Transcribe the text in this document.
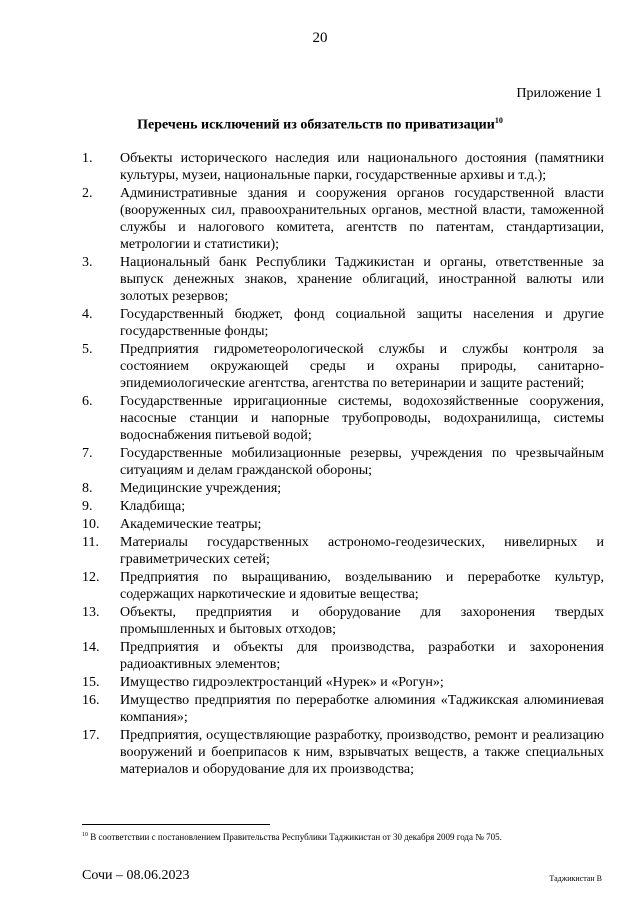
20
Приложение 1
Перечень исключений из обязательств по приватизации$^{10}$
1. Объекты исторического наследия или национального достояния (памятники культуры, музеи, национальные парки, государственные архивы и т.д.);
2. Административные здания и сооружения органов государственной власти (вооруженных сил, правоохранительных органов, местной власти, таможенной службы и налогового комитета, агентств по патентам, стандартизации, метрологии и статистики);
3. Национальный банк Республики Таджикистан и органы, ответственные за выпуск денежных знаков, хранение облигаций, иностранной валюты или золотых резервов;
4. Государственный бюджет, фонд социальной защиты населения и другие государственные фонды;
5. Предприятия гидрометеорологической службы и службы контроля за состоянием окружающей среды и охраны природы, санитарно-эпидемиологические агентства, агентства по ветеринарии и защите растений;
6. Государственные ирригационные системы, водохозяйственные сооружения, насосные станции и напорные трубопроводы, водохранилища, системы водоснабжения питьевой водой;
7. Государственные мобилизационные резервы, учреждения по чрезвычайным ситуациям и делам гражданской обороны;
8. Медицинские учреждения;
9. Кладбища;
10. Академические театры;
11. Материалы государственных астрономо-геодезических, нивелирных и гравиметрических сетей;
12. Предприятия по выращиванию, возделыванию и переработке культур, содержащих наркотические и ядовитые вещества;
13. Объекты, предприятия и оборудование для захоронения твердых промышленных и бытовых отходов;
14. Предприятия и объекты для производства, разработки и захоронения радиоактивных элементов;
15. Имущество гидроэлектростанций «Нурек» и «Рогун»;
16. Имущество предприятия по переработке алюминия «Таджикская алюминиевая компания»;
17. Предприятия, осуществляющие разработку, производство, ремонт и реализацию вооружений и боеприпасов к ним, взрывчатых веществ, а также специальных материалов и оборудование для их производства;
$^{10}$ В соответствии с постановлением Правительства Республики Таджикистан от 30 декабря 2009 года № 705.
Сочи – 08.06.2023	Таджикистан В
